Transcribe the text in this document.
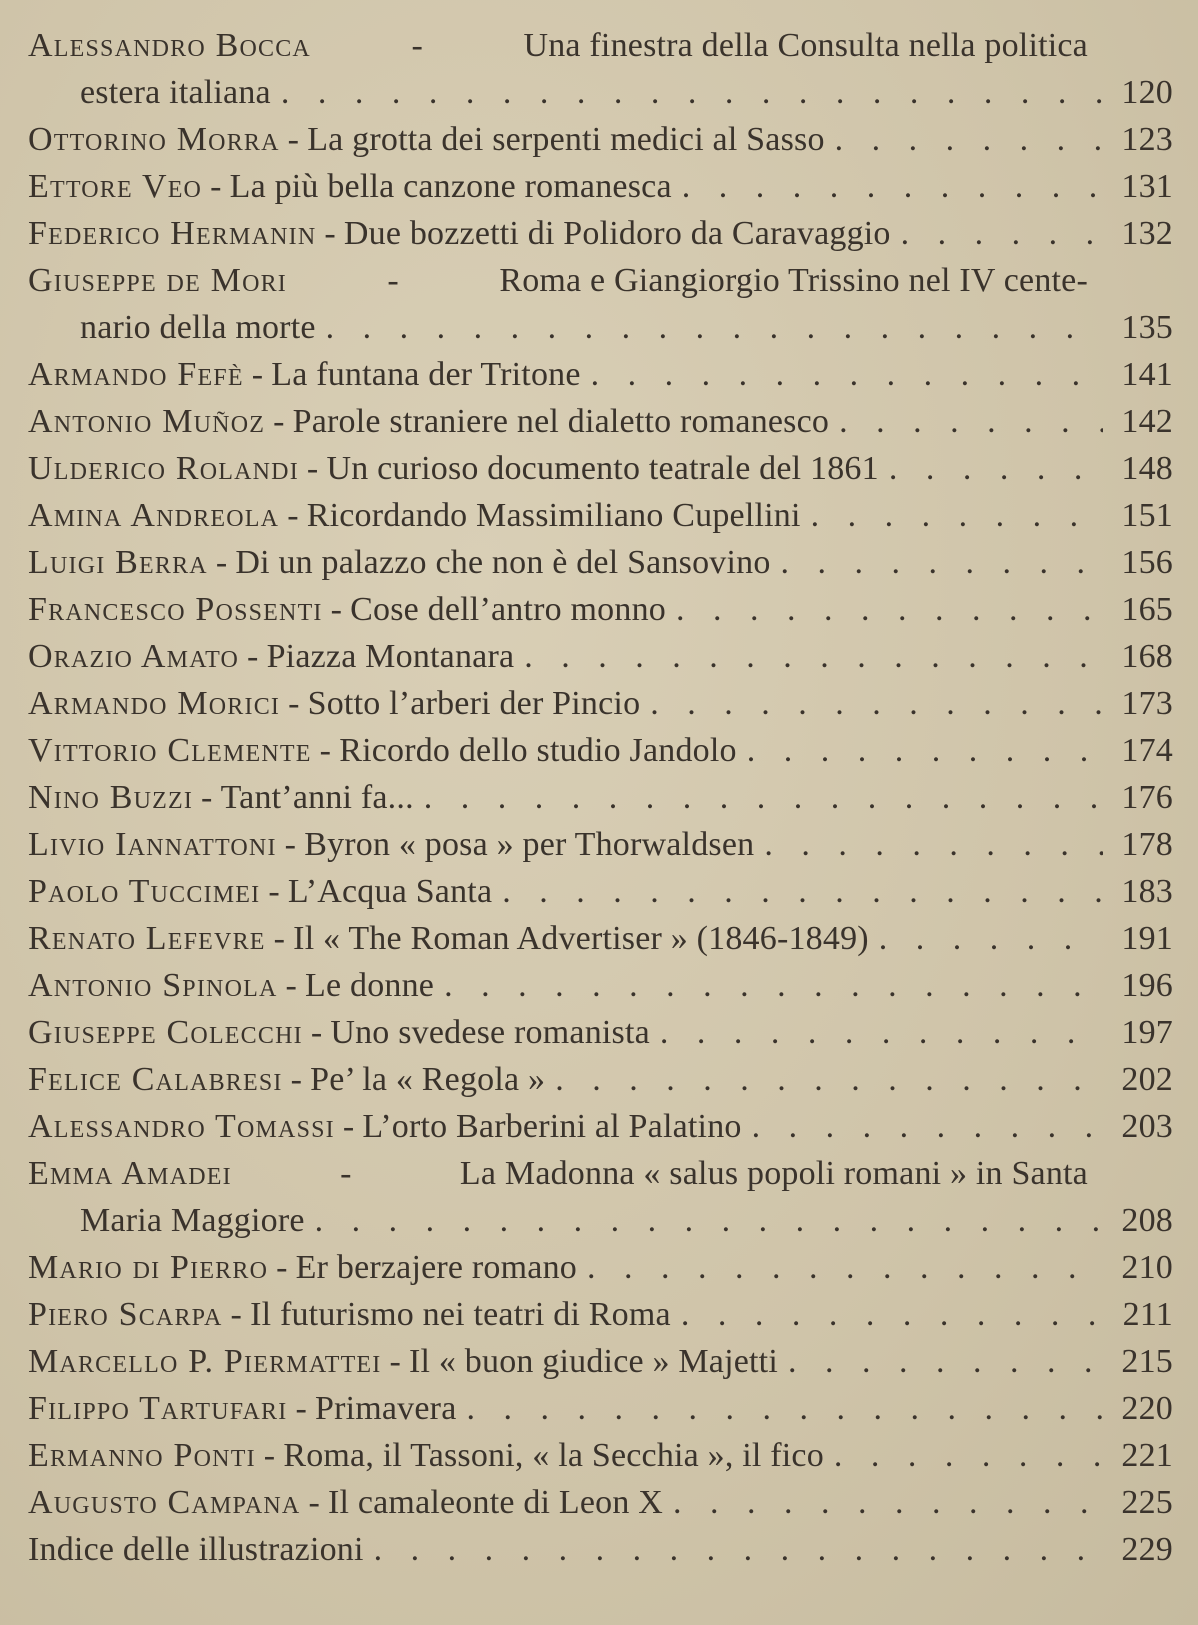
Alessandro Bocca	-	Una finestra della Consulta nella politica
estera italiana . . .	120
Ottorino Morra - La grotta dei serpenti medici al Sasso . . .	123
Ettore Veo - La più bella canzone romanesca . . .	131
Federico Hermanin - Due bozzetti di Polidoro da Caravaggio . . .	132
Giuseppe de Mori	-	Roma e Giangiorgio Trissino nel IV cente-
nario della morte . . .	135
Armando Fefè - La funtana der Tritone . . .	141
Antonio Muñoz - Parole straniere nel dialetto romanesco . . .	142
Ulderico Rolandi - Un curioso documento teatrale del 1861 . . .	148
Amina Andreola - Ricordando Massimiliano Cupellini . . .	151
Luigi Berra - Di un palazzo che non è del Sansovino . . .	156
Francesco Possenti - Cose dell’antro monno . . .	165
Orazio Amato - Piazza Montanara . . .	168
Armando Morici - Sotto l’arberi der Pincio . . .	173
Vittorio Clemente - Ricordo dello studio Jandolo . . .	174
Nino Buzzi - Tant’anni fa... . . .	176
Livio Iannattoni - Byron « posa » per Thorwaldsen . . .	178
Paolo Tuccimei - L’Acqua Santa . . .	183
Renato Lefevre - Il « The Roman Advertiser » (1846-1849) . . .	191
Antonio Spinola - Le donne . . .	196
Giuseppe Colecchi - Uno svedese romanista . . .	197
Felice Calabresi - Pe’ la « Regola » . . .	202
Alessandro Tomassi - L’orto Barberini al Palatino . . .	203
Emma Amadei	-	La Madonna « salus popoli romani » in Santa
Maria Maggiore . . .	208
Mario di Pierro - Er berzajere romano . . .	210
Piero Scarpa - Il futurismo nei teatri di Roma . . .	211
Marcello P. Piermattei - Il « buon giudice » Majetti . . .	215
Filippo Tartufari - Primavera . . .	220
Ermanno Ponti - Roma, il Tassoni, « la Secchia », il fico . . .	221
Augusto Campana - Il camaleonte di Leon X . . .	225
Indice delle illustrazioni . . .	229
